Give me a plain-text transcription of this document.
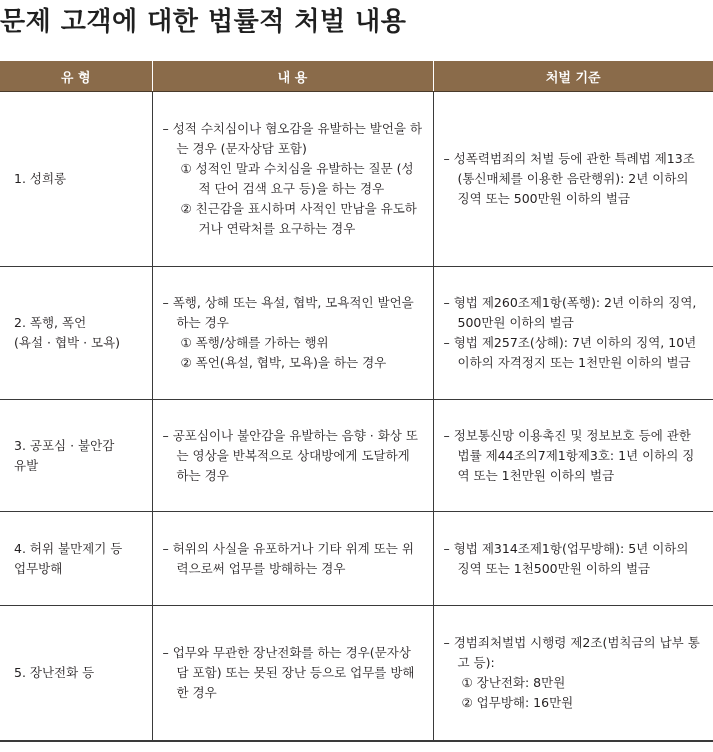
문제 고객에 대한 법률적 처벌 내용
유 형	내 용	처벌 기준

1. 성희롱	– 성적 수치심이나 혐오감을 유발하는 발언을 하는 경우 (문자상담 포함)
① 성적인 말과 수치심을 유발하는 질문 (성적 단어 검색 요구 등)을 하는 경우
② 친근감을 표시하며 사적인 만남을 유도하거나 연락처를 요구하는 경우	– 성폭력범죄의 처벌 등에 관한 특례법 제13조 (통신매체를 이용한 음란행위): 2년 이하의 징역 또는 500만원 이하의 벌금

2. 폭행, 폭언
(욕설 · 협박 · 모욕)	– 폭행, 상해 또는 욕설, 협박, 모욕적인 발언을 하는 경우
① 폭행/상해를 가하는 행위
② 폭언(욕설, 협박, 모욕)을 하는 경우	– 형법 제260조제1항(폭행): 2년 이하의 징역, 500만원 이하의 벌금
– 형법 제257조(상해): 7년 이하의 징역, 10년 이하의 자격정지 또는 1천만원 이하의 벌금

3. 공포심 · 불안감 유발	– 공포심이나 불안감을 유발하는 음향 · 화상 또는 영상을 반복적으로 상대방에게 도달하게 하는 경우	– 정보통신망 이용촉진 및 정보보호 등에 관한 법률 제44조의7제1항제3호: 1년 이하의 징역 또는 1천만원 이하의 벌금

4. 허위 불만제기 등
업무방해	– 허위의 사실을 유포하거나 기타 위계 또는 위력으로써 업무를 방해하는 경우	– 형법 제314조제1항(업무방해): 5년 이하의 징역 또는 1천500만원 이하의 벌금

5. 장난전화 등	– 업무와 무관한 장난전화를 하는 경우(문자상담 포함) 또는 못된 장난 등으로 업무를 방해한 경우	– 경범죄처벌법 시행령 제2조(범칙금의 납부 통고 등):
① 장난전화: 8만원
② 업무방해: 16만원
